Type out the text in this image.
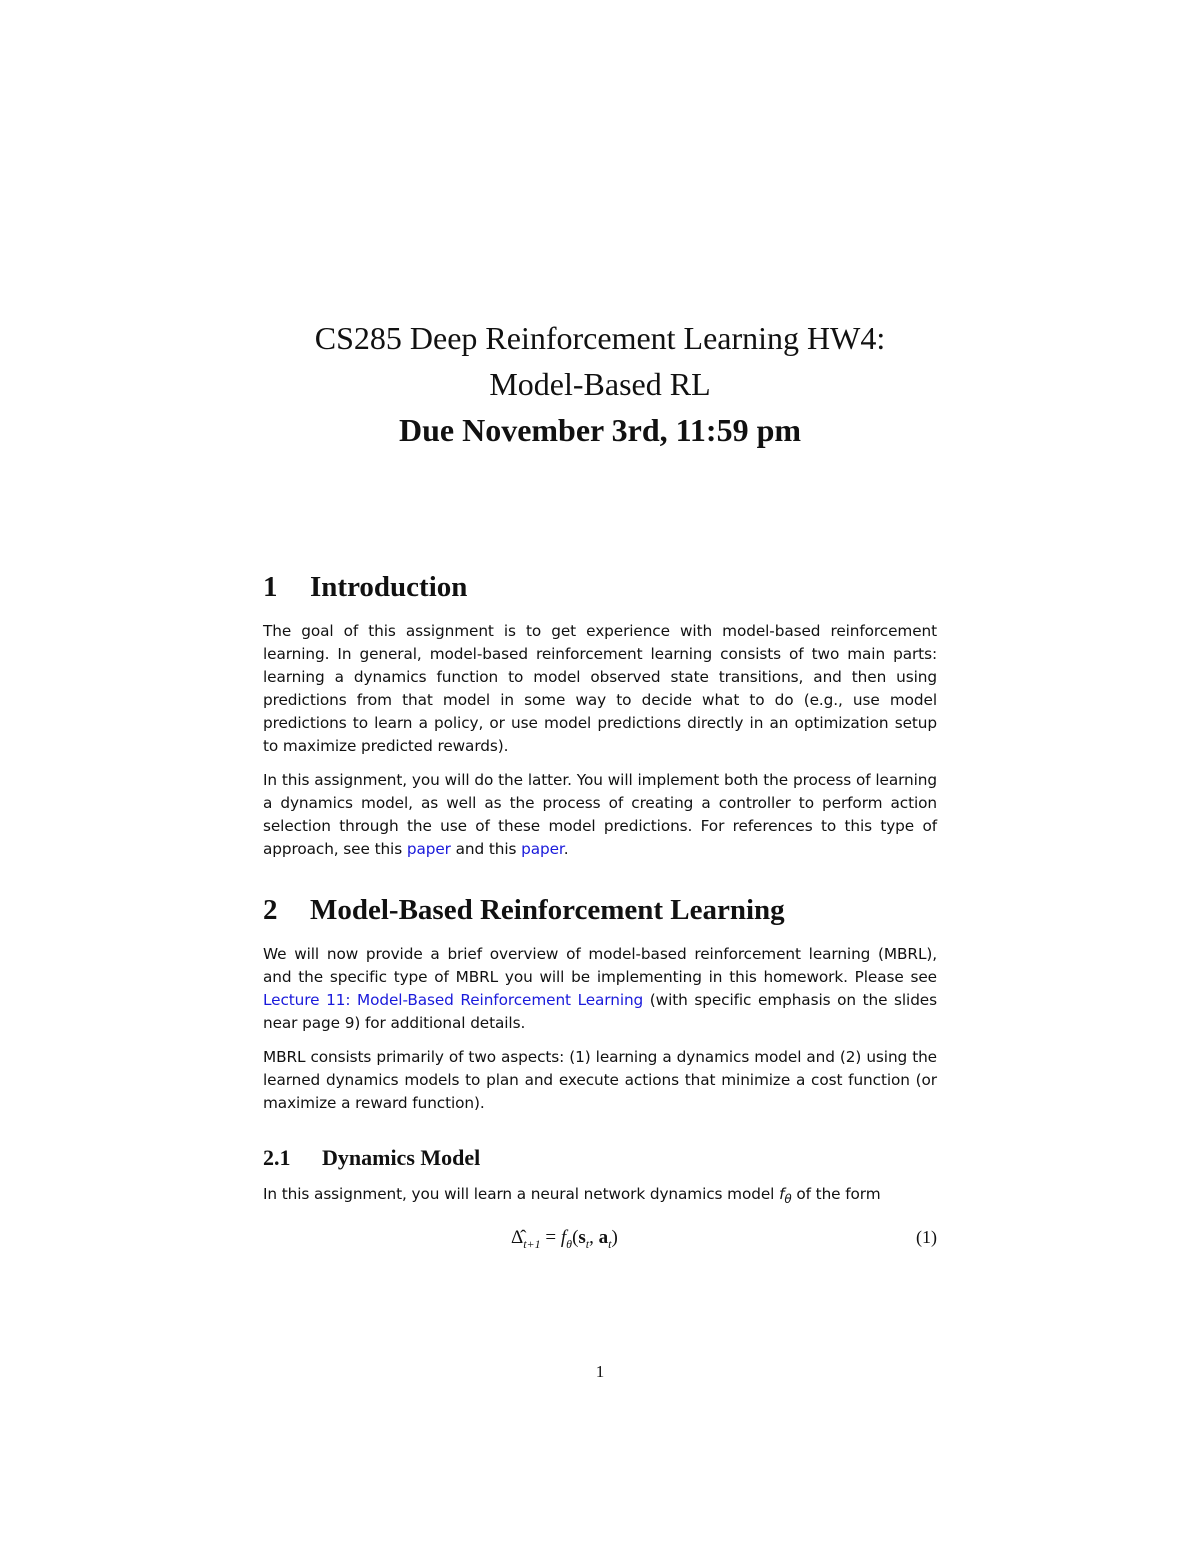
CS285 Deep Reinforcement Learning HW4:
Model-Based RL
Due November 3rd, 11:59 pm
1	Introduction

The goal of this assignment is to get experience with model-based reinforcement learning. In general, model-based reinforcement learning consists of two main parts: learning a dynamics function to model observed state transitions, and then using predictions from that model in some way to decide what to do (e.g., use model predictions to learn a policy, or use model predictions directly in an optimization setup to maximize predicted rewards).

In this assignment, you will do the latter. You will implement both the process of learning a dynamics model, as well as the process of creating a controller to perform action selection through the use of these model predictions. For references to this type of approach, see this paper and this paper.

2	Model-Based Reinforcement Learning

We will now provide a brief overview of model-based reinforcement learning (MBRL), and the specific type of MBRL you will be implementing in this homework. Please see Lecture 11: Model-Based Reinforcement Learning (with specific emphasis on the slides near page 9) for additional details.

MBRL consists primarily of two aspects: (1) learning a dynamics model and (2) using the learned dynamics models to plan and execute actions that minimize a cost function (or maximize a reward function).

2.1	Dynamics Model

In this assignment, you will learn a neural network dynamics model $f_\theta$ of the form

$\Deltâ_{t+1} = f_\theta(s_t$, $a_t$)	(1)
1
